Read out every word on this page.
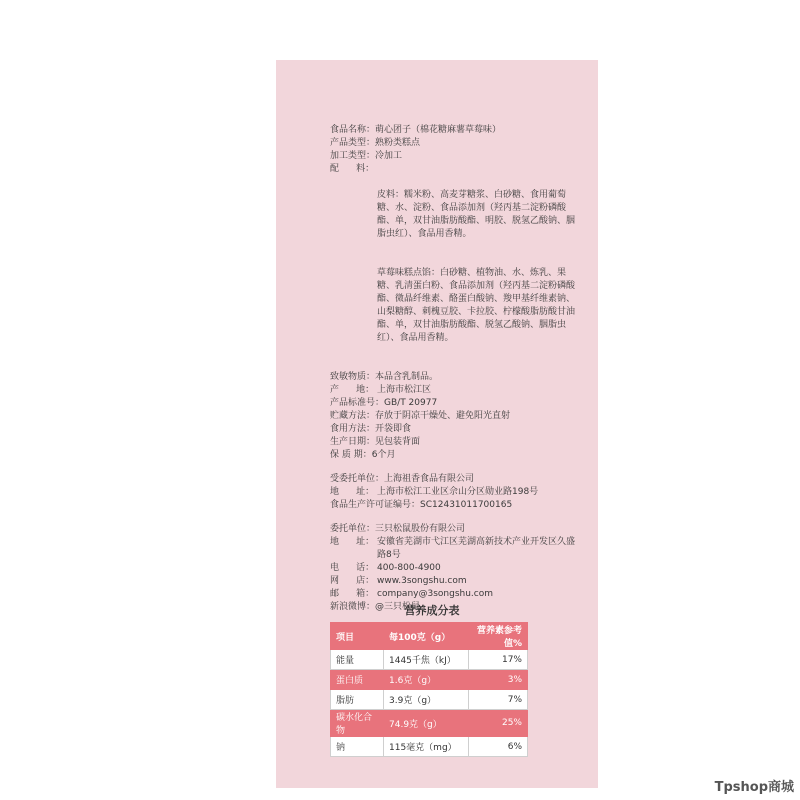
食品名称： 萌心团子（棉花糖麻薯草莓味）
产品类型： 熟粉类糕点
加工类型： 冷加工
配      料：

皮料：糯米粉、高麦芽糖浆、白砂糖、食用葡萄糖、水、淀粉、食品添加剂（羟丙基二淀粉磷酸酯、单，双甘油脂肪酸酯、明胶、脱氢乙酸钠、胭脂虫红）、食品用香精。

草莓味糕点馅：白砂糖、植物油、水、炼乳、果糖、乳清蛋白粉、食品添加剂（羟丙基二淀粉磷酸酯、微晶纤维素、酪蛋白酸钠、羧甲基纤维素钠、山梨糖醇、刺槐豆胶、卡拉胶、柠檬酸脂肪酸甘油酯、单，双甘油脂肪酸酯、脱氢乙酸钠、胭脂虫红）、食品用香精。

致敏物质： 本品含乳制品。
产      地： 上海市松江区
产品标准号： GB/T 20977
贮藏方法： 存放于阴凉干燥处、避免阳光直射
食用方法： 开袋即食
生产日期： 见包装背面
保 质 期： 6个月
受委托单位： 上海祖香食品有限公司
地      址： 上海市松江工业区佘山分区勋业路198号
食品生产许可证编号： SC12431011700165
委托单位： 三只松鼠股份有限公司
地      址： 安徽省芜湖市弋江区芜湖高新技术产业开发区久盛路8号
电      话： 400-800-4900
网      店： www.3songshu.com
邮      箱： company@3songshu.com
新浪微博： @三只松鼠
营养成分表
项目	每100克（g）	营养素参考值%
能量	1445千焦（kJ）	17%
蛋白质	1.6克（g）	3%
脂肪	3.9克（g）	7%
碳水化合物	74.9克（g）	25%
钠	115毫克（mg）	6%
Tpshop商城
